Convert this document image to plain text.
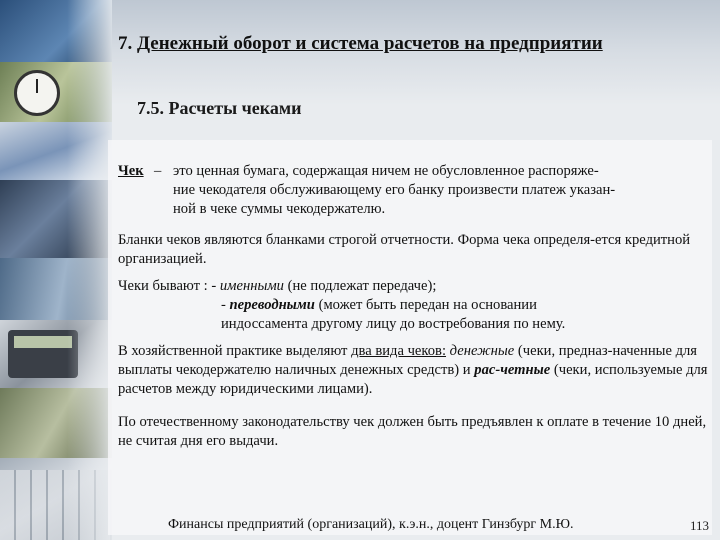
7. Денежный оборот и система расчетов на предприятии
7.5. Расчеты чеками

Чек – это ценная бумага, содержащая ничем не обусловленное распоряже-
ние чекодателя обслуживающему его банку произвести платеж указан-
ной в чеке суммы чекодержателю.

Бланки чеков являются бланками строгой отчетности. Форма чека определя-ется кредитной организацией.

Чеки бывают : - именными (не подлежат передаче);
- переводными (может быть передан на основании
индоссамента другому лицу до востребования по нему.

В хозяйственной практике выделяют два вида чеков: денежные (чеки, предназ-наченные для выплаты чекодержателю наличных денежных средств) и рас-четные (чеки, используемые для расчетов между юридическими лицами).

По отечественному законодательству чек должен быть предъявлен к оплате в течение 10 дней, не считая дня его выдачи.

Финансы предприятий (организаций), к.э.н., доцент Гинзбург М.Ю.	113
